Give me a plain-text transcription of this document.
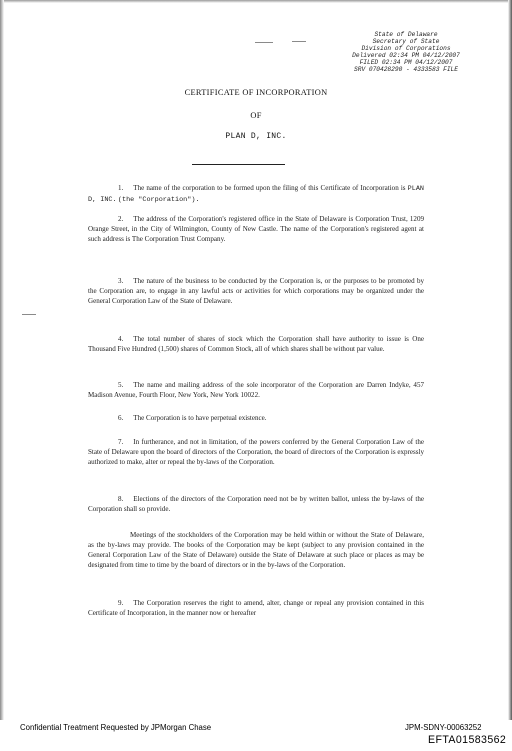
State of Delaware
Secretary of State
Division of Corporations
Delivered 02:34 PM 04/12/2007
FILED 02:34 PM 04/12/2007
SRV 070428290 - 4333583 FILE
CERTIFICATE OF INCORPORATION
OF
PLAN D, INC.
1. The name of the corporation to be formed upon the filing of this Certificate of Incorporation is PLAN D, INC. (the "Corporation").
2. The address of the Corporation's registered office in the State of Delaware is Corporation Trust, 1209 Orange Street, in the City of Wilmington, County of New Castle. The name of the Corporation's registered agent at such address is The Corporation Trust Company.
3. The nature of the business to be conducted by the Corporation is, or the purposes to be promoted by the Corporation are, to engage in any lawful acts or activities for which corporations may be organized under the General Corporation Law of the State of Delaware.
4. The total number of shares of stock which the Corporation shall have authority to issue is One Thousand Five Hundred (1,500) shares of Common Stock, all of which shares shall be without par value.
5. The name and mailing address of the sole incorporator of the Corporation are Darren Indyke, 457 Madison Avenue, Fourth Floor, New York, New York 10022.
6. The Corporation is to have perpetual existence.
7. In furtherance, and not in limitation, of the powers conferred by the General Corporation Law of the State of Delaware upon the board of directors of the Corporation, the board of directors of the Corporation is expressly authorized to make, alter or repeal the by-laws of the Corporation.
8. Elections of the directors of the Corporation need not be by written ballot, unless the by-laws of the Corporation shall so provide.
Meetings of the stockholders of the Corporation may be held within or without the State of Delaware, as the by-laws may provide. The books of the Corporation may be kept (subject to any provision contained in the General Corporation Law of the State of Delaware) outside the State of Delaware at such place or places as may be designated from time to time by the board of directors or in the by-laws of the Corporation.
9. The Corporation reserves the right to amend, alter, change or repeal any provision contained in this Certificate of Incorporation, in the manner now or hereafter
Confidential Treatment Requested by JPMorgan Chase	JPM-SDNY-00063252
EFTA01583562
